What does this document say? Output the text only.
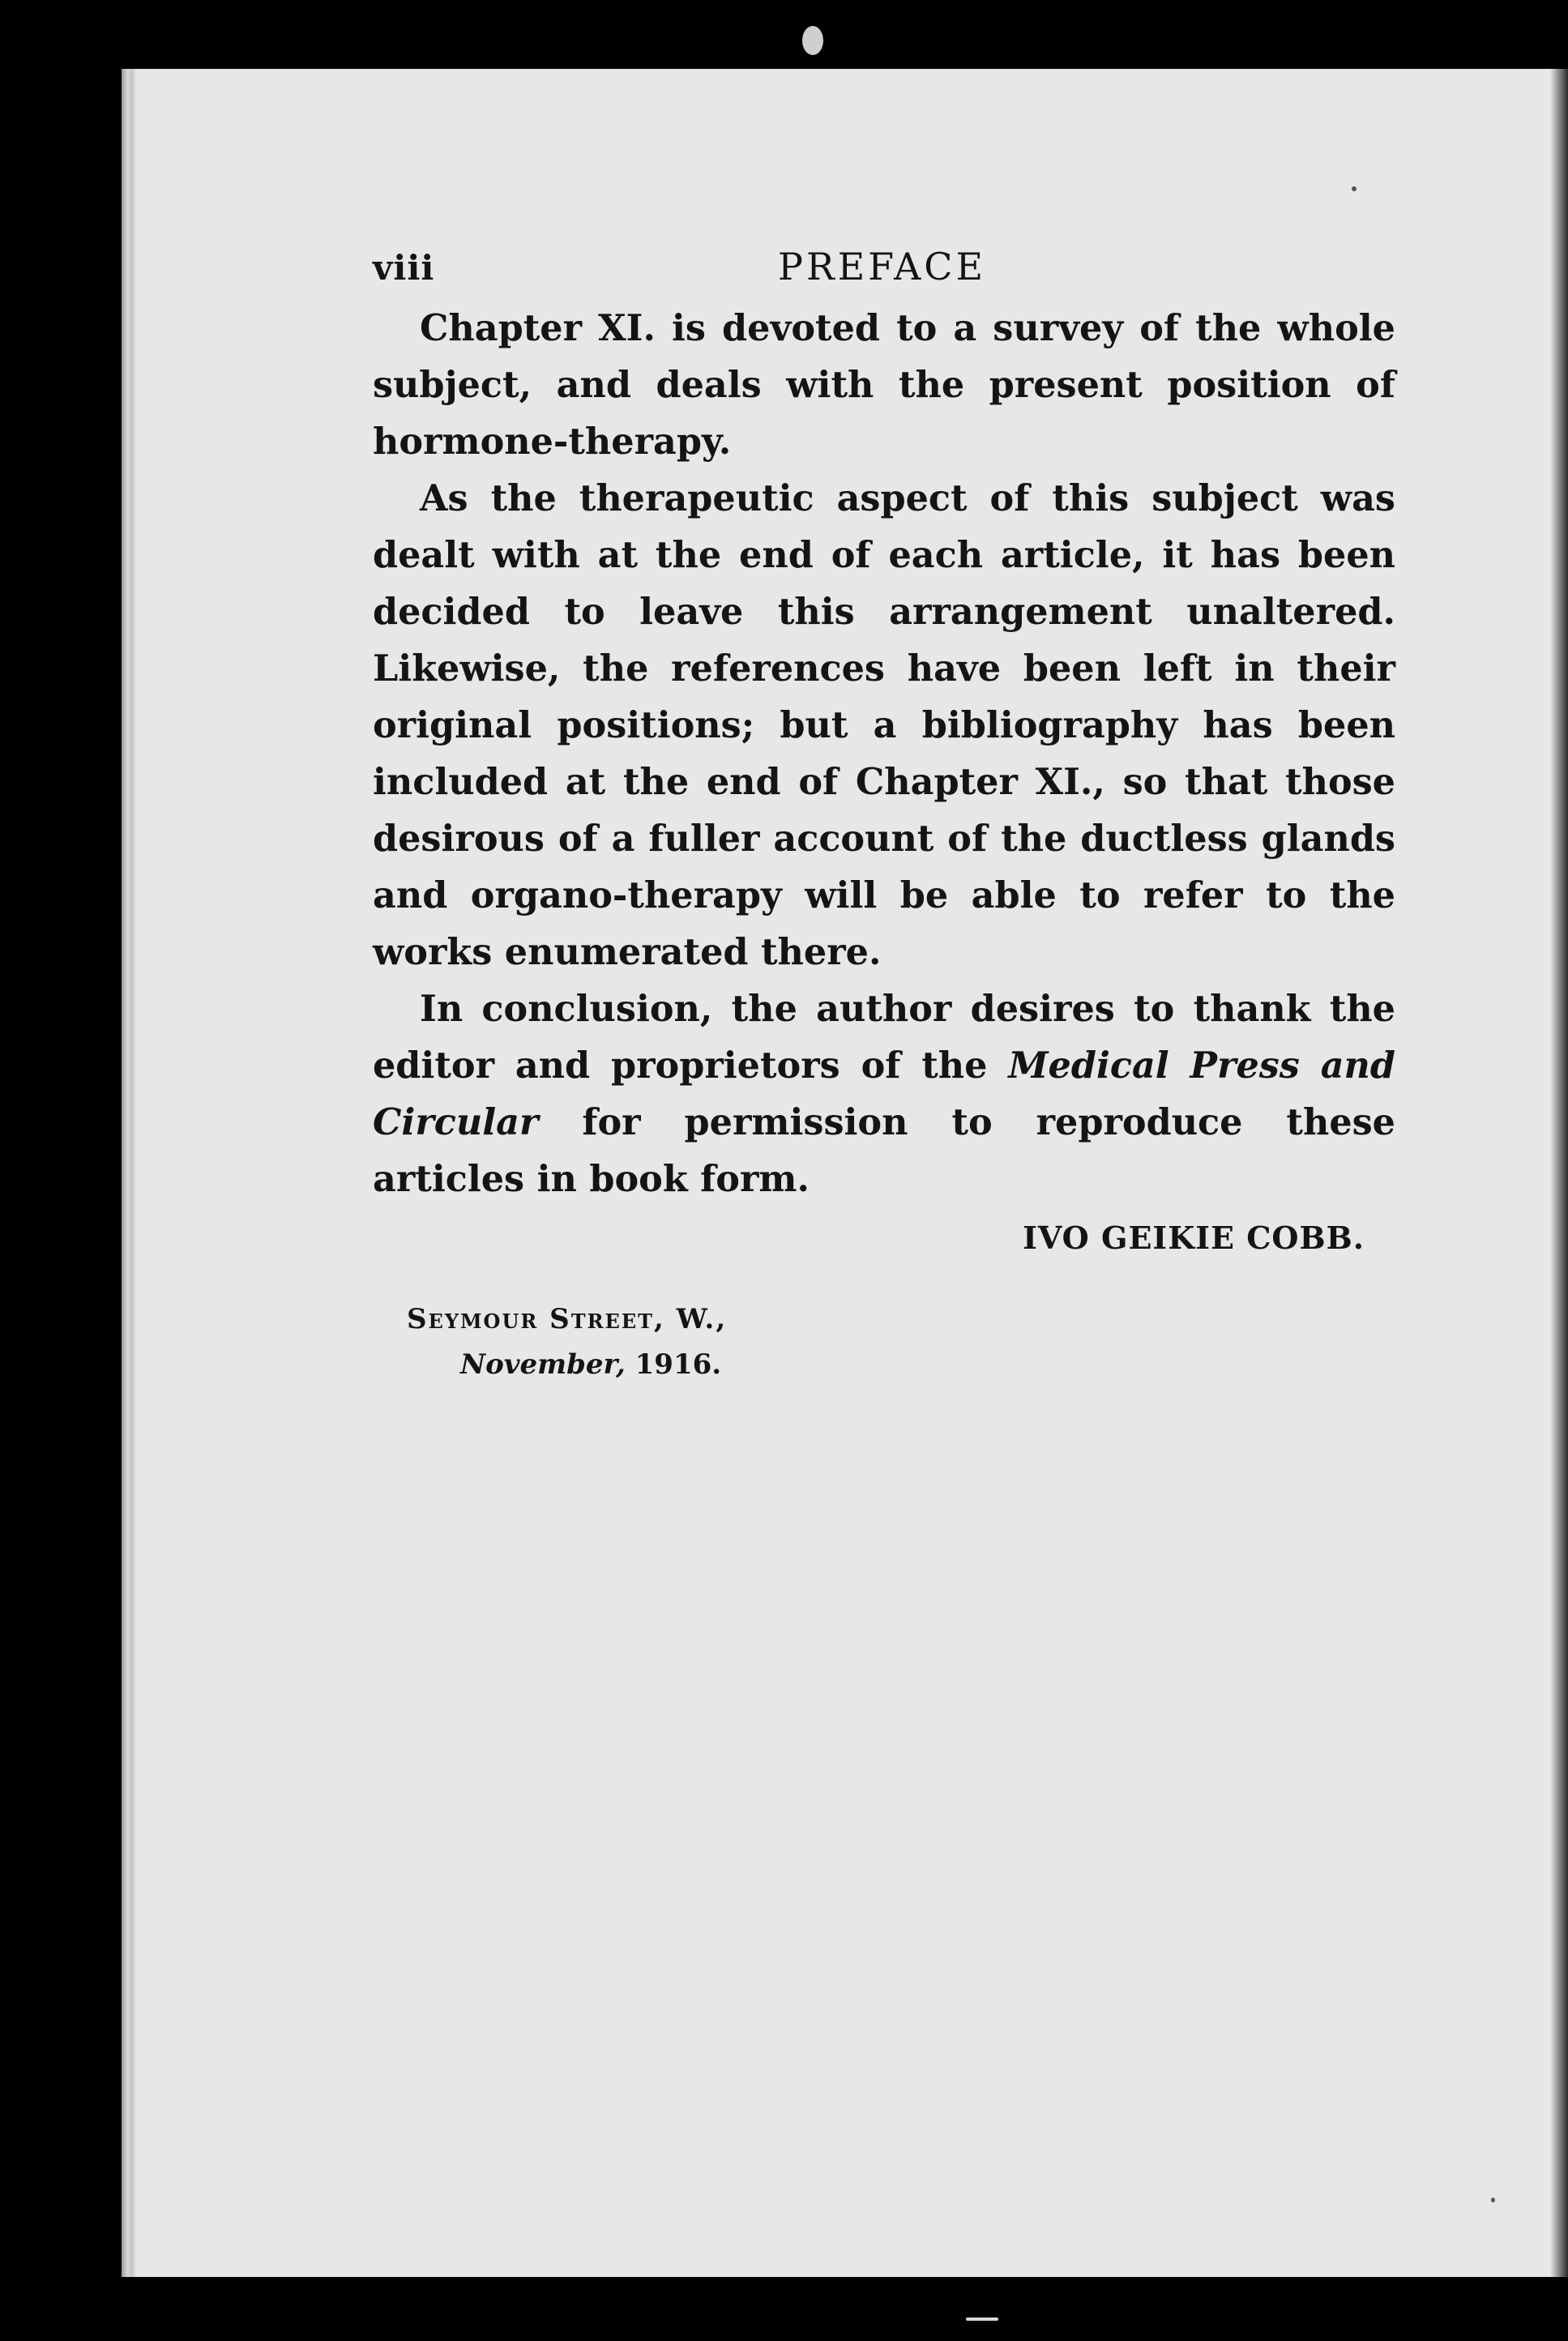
viii	PREFACE

Chapter XI. is devoted to a survey of the whole subject, and deals with the present position of hormone-therapy.

As the therapeutic aspect of this subject was dealt with at the end of each article, it has been decided to leave this arrangement unaltered. Likewise, the references have been left in their original positions; but a bibliography has been included at the end of Chapter XI., so that those desirous of a fuller account of the ductless glands and organo-therapy will be able to refer to the works enumerated there.

In conclusion, the author desires to thank the editor and proprietors of the Medical Press and Circular for permission to reproduce these articles in book form.

IVO GEIKIE COBB.
Seymour Street, W.,
November, 1916.
